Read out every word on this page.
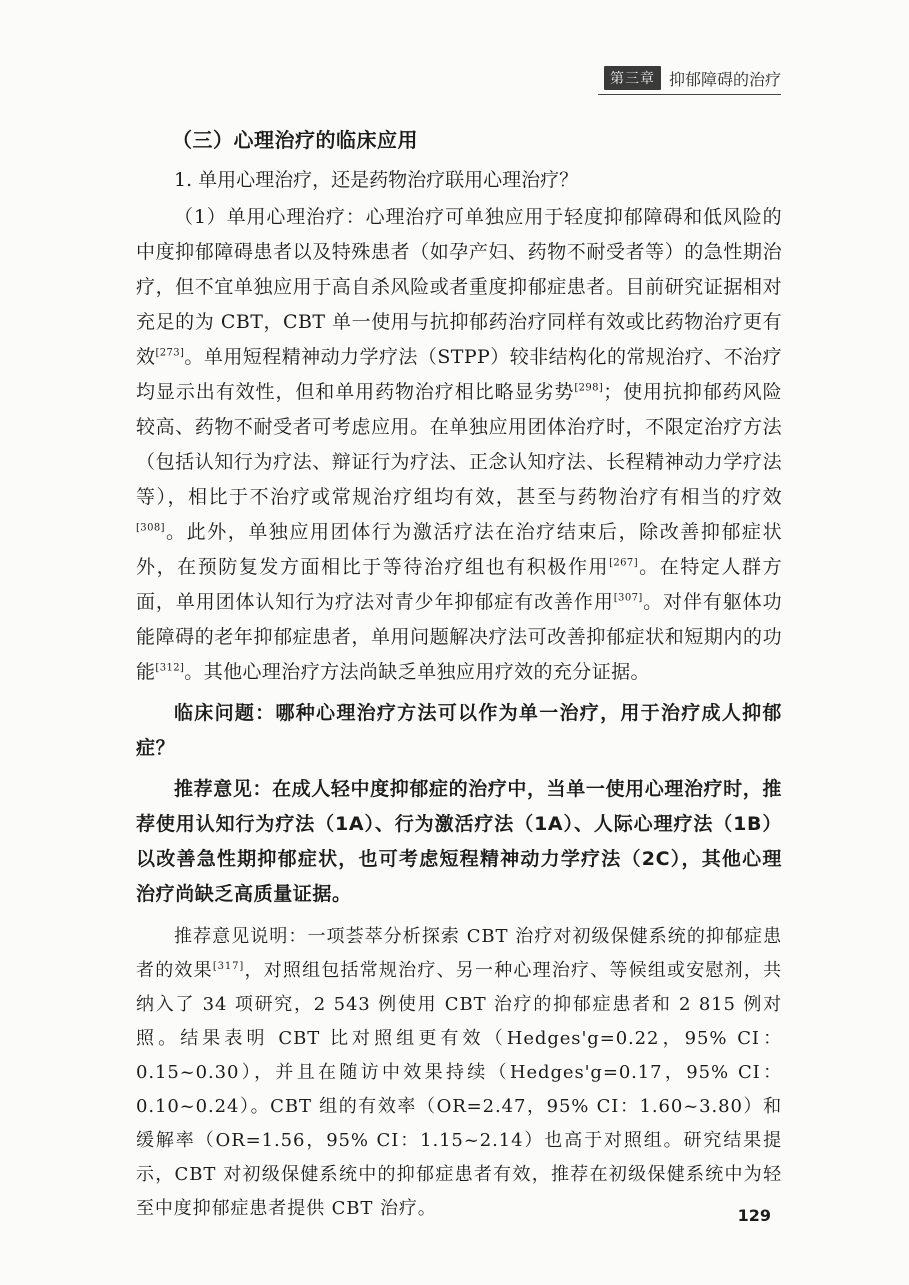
第三章 抑郁障碍的治疗
（三）心理治疗的临床应用

1. 单用心理治疗，还是药物治疗联用心理治疗？

（1）单用心理治疗：心理治疗可单独应用于轻度抑郁障碍和低风险的中度抑郁障碍患者以及特殊患者（如孕产妇、药物不耐受者等）的急性期治疗，但不宜单独应用于高自杀风险或者重度抑郁症患者。目前研究证据相对充足的为 CBT，CBT 单一使用与抗抑郁药治疗同样有效或比药物治疗更有效[273]。单用短程精神动力学疗法（STPP）较非结构化的常规治疗、不治疗均显示出有效性，但和单用药物治疗相比略显劣势[298]；使用抗抑郁药风险较高、药物不耐受者可考虑应用。在单独应用团体治疗时，不限定治疗方法（包括认知行为疗法、辩证行为疗法、正念认知疗法、长程精神动力学疗法等），相比于不治疗或常规治疗组均有效，甚至与药物治疗有相当的疗效[308]。此外，单独应用团体行为激活疗法在治疗结束后，除改善抑郁症状外，在预防复发方面相比于等待治疗组也有积极作用[267]。在特定人群方面，单用团体认知行为疗法对青少年抑郁症有改善作用[307]。对伴有躯体功能障碍的老年抑郁症患者，单用问题解决疗法可改善抑郁症状和短期内的功能[312]。其他心理治疗方法尚缺乏单独应用疗效的充分证据。

临床问题：哪种心理治疗方法可以作为单一治疗，用于治疗成人抑郁症？

推荐意见：在成人轻中度抑郁症的治疗中，当单一使用心理治疗时，推荐使用认知行为疗法（1A）、行为激活疗法（1A）、人际心理疗法（1B）以改善急性期抑郁症状，也可考虑短程精神动力学疗法（2C），其他心理治疗尚缺乏高质量证据。

推荐意见说明：一项荟萃分析探索 CBT 治疗对初级保健系统的抑郁症患者的效果[317]，对照组包括常规治疗、另一种心理治疗、等候组或安慰剂，共纳入了 34 项研究，2 543 例使用 CBT 治疗的抑郁症患者和 2 815 例对照。结果表明 CBT 比对照组更有效（Hedges'g=0.22，95% CI：0.15~0.30），并且在随访中效果持续（Hedges'g=0.17，95% CI：0.10~0.24）。CBT 组的有效率（OR=2.47，95% CI：1.60~3.80）和缓解率（OR=1.56，95% CI：1.15~2.14）也高于对照组。研究结果提示，CBT 对初级保健系统中的抑郁症患者有效，推荐在初级保健系统中为轻至中度抑郁症患者提供 CBT 治疗。	129
